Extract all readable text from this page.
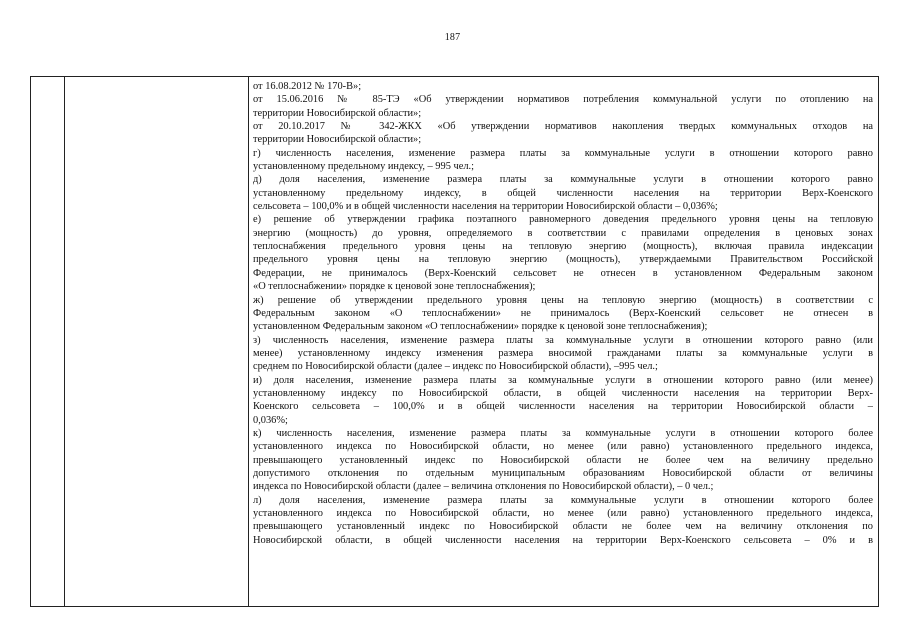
187
от 16.08.2012 № 170-В»;
от 15.06.2016 № 85-ТЭ «Об утверждении нормативов потребления коммунальной услуги по отоплению на
территории Новосибирской области»;
от 20.10.2017 № 342-ЖКХ «Об утверждении нормативов накопления твердых коммунальных отходов на
территории Новосибирской области»;
г) численность населения, изменение размера платы за коммунальные услуги в отношении которого равно
установленному предельному индексу, – 995 чел.;
д) доля населения, изменение размера платы за коммунальные услуги в отношении которого равно
установленному предельному индексу, в общей численности населения на территории Верх-Коенского
сельсовета – 100,0% и в общей численности населения на территории Новосибирской области – 0,036%;
е) решение об утверждении графика поэтапного равномерного доведения предельного уровня цены на тепловую
энергию (мощность) до уровня, определяемого в соответствии с правилами определения в ценовых зонах
теплоснабжения предельного уровня цены на тепловую энергию (мощность), включая правила индексации
предельного уровня цены на тепловую энергию (мощность), утверждаемыми Правительством Российской
Федерации, не принималось (Верх-Коенский сельсовет не отнесен в установленном Федеральным законом
«О теплоснабжении» порядке к ценовой зоне теплоснабжения);
ж) решение об утверждении предельного уровня цены на тепловую энергию (мощность) в соответствии с
Федеральным законом «О теплоснабжении» не принималось (Верх-Коенский сельсовет не отнесен в
установленном Федеральным законом «О теплоснабжении» порядке к ценовой зоне теплоснабжения);
з) численность населения, изменение размера платы за коммунальные услуги в отношении которого равно (или
менее) установленному индексу изменения размера вносимой гражданами платы за коммунальные услуги в
среднем по Новосибирской области (далее – индекс по Новосибирской области), –995 чел.;
и) доля населения, изменение размера платы за коммунальные услуги в отношении которого равно (или менее)
установленному индексу по Новосибирской области, в общей численности населения на территории Верх-
Коенского сельсовета – 100,0% и в общей численности населения на территории Новосибирской области –
0,036%;
к) численность населения, изменение размера платы за коммунальные услуги в отношении которого более
установленного индекса по Новосибирской области, но менее (или равно) установленного предельного индекса,
превышающего установленный индекс по Новосибирской области не более чем на величину предельно
допустимого отклонения по отдельным муниципальным образованиям Новосибирской области от величины
индекса по Новосибирской области (далее – величина отклонения по Новосибирской области), – 0 чел.;
л) доля населения, изменение размера платы за коммунальные услуги в отношении которого более
установленного индекса по Новосибирской области, но менее (или равно) установленного предельного индекса,
превышающего установленный индекс по Новосибирской области не более чем на величину отклонения по
Новосибирской области, в общей численности населения на территории Верх-Коенского сельсовета – 0% и в
